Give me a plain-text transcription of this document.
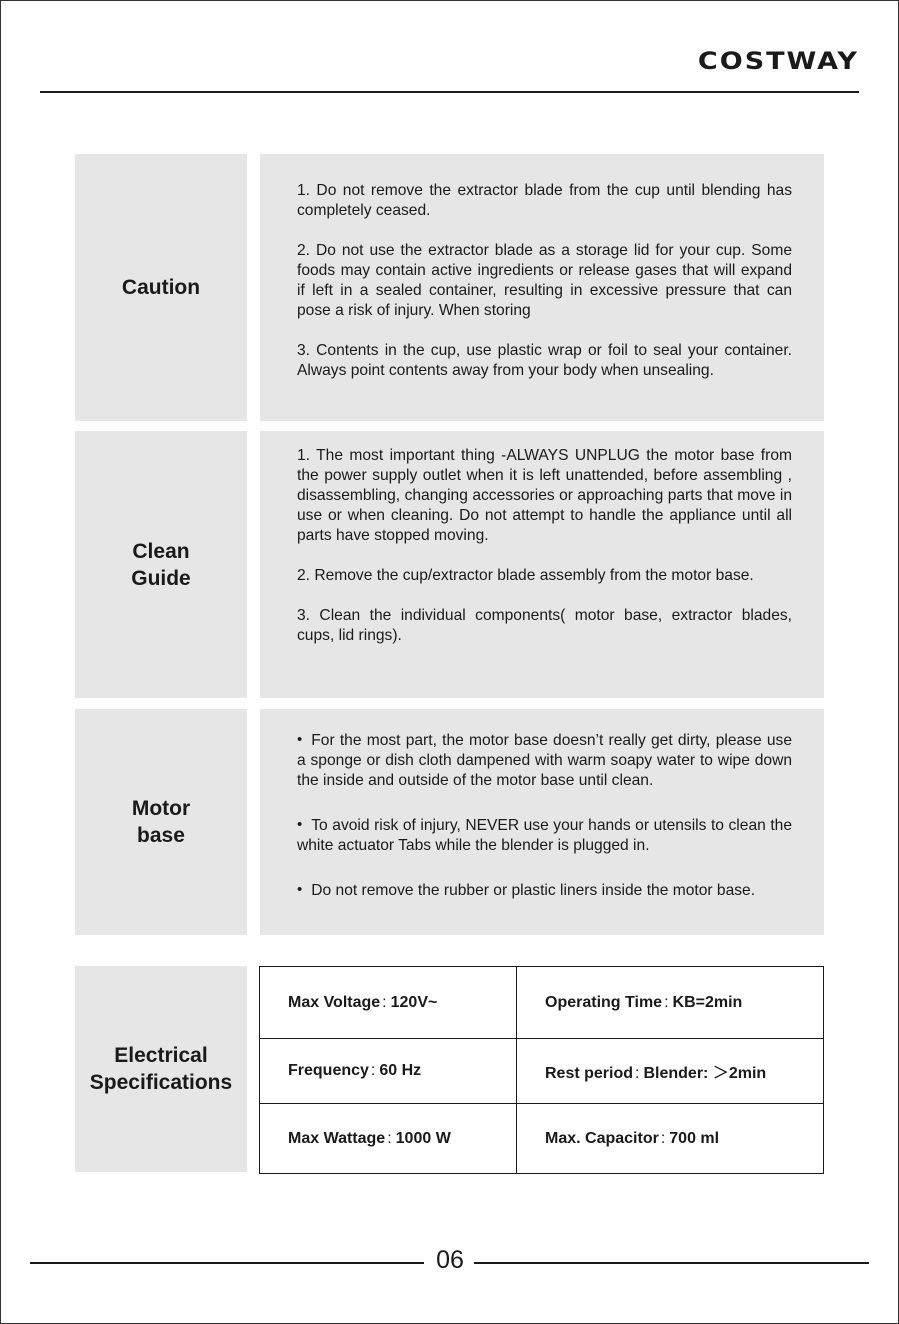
COSTWAY
Caution

1. Do not remove the extractor blade from the cup until blending has completely ceased.

2. Do not use the extractor blade as a storage lid for your cup. Some foods may contain active ingredients or release gases that will expand if left in a sealed container, resulting in excessive pressure that can pose a risk of injury. When storing

3. Contents in the cup, use plastic wrap or foil to seal your container. Always point contents away from your body when unsealing.

Clean
Guide

1. The most important thing -ALWAYS UNPLUG the motor base from the power supply outlet when it is left unattended, before assembling , disassembling, changing accessories or approaching parts that move in use or when cleaning. Do not attempt to handle the appliance until all parts have stopped moving.

2. Remove the cup/extractor blade assembly from the motor base.

3. Clean the individual components( motor base, extractor blades, cups, lid rings).

Motor
base

• For the most part, the motor base doesn’t really get dirty, please use a sponge or dish cloth dampened with warm soapy water to wipe down the inside and outside of the motor base until clean.

• To avoid risk of injury, NEVER use your hands or utensils to clean the white actuator Tabs while the blender is plugged in.

• Do not remove the rubber or plastic liners inside the motor base.

Electrical
Specifications
Max Voltage : 120V~	Operating Time : KB=2min
Frequency : 60 Hz	Rest period : Blender: ＞2min
Max Wattage : 1000 W	Max. Capacitor : 700 ml
06
